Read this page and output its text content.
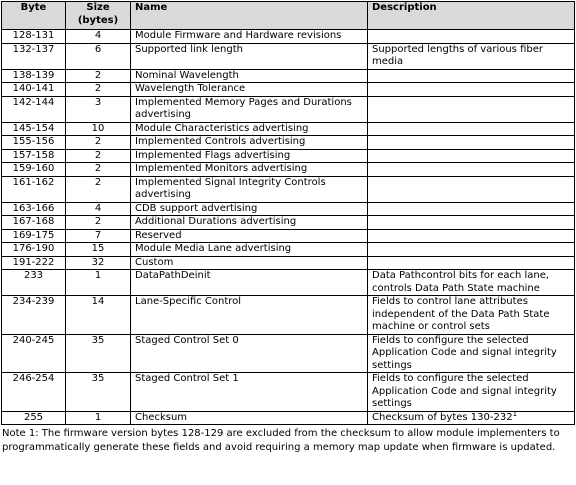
Byte	Size (bytes)	Name	Description
128-131	4	Module Firmware and Hardware revisions	
132-137	6	Supported link length	Supported lengths of various fiber media
138-139	2	Nominal Wavelength	
140-141	2	Wavelength Tolerance	
142-144	3	Implemented Memory Pages and Durations advertising	
145-154	10	Module Characteristics advertising	
155-156	2	Implemented Controls advertising	
157-158	2	Implemented Flags advertising	
159-160	2	Implemented Monitors advertising	
161-162	2	Implemented Signal Integrity Controls advertising	
163-166	4	CDB support advertising	
167-168	2	Additional Durations advertising	
169-175	7	Reserved	
176-190	15	Module Media Lane advertising	
191-222	32	Custom	
233	1	DataPathDeinit	Data Pathcontrol bits for each lane, controls Data Path State machine
234-239	14	Lane-Specific Control	Fields to control lane attributes independent of the Data Path State machine or control sets
240-245	35	Staged Control Set 0	Fields to configure the selected Application Code and signal integrity settings
246-254	35	Staged Control Set 1	Fields to configure the selected Application Code and signal integrity settings
255	1	Checksum	Checksum of bytes $130-232^1$
Note 1: The firmware version bytes 128-129 are excluded from the checksum to allow module implementers to programmatically generate these fields and avoid requiring a memory map update when firmware is updated.
